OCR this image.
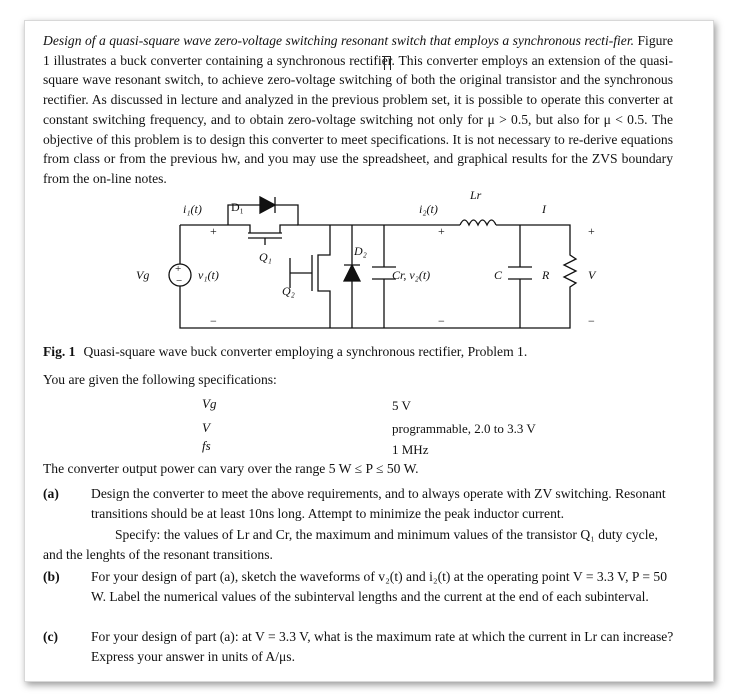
Design of a quasi-square wave zero-voltage switching resonant switch that employs a synchronous recti-fier. Figure 1 illustrates a buck converter containing a synchronous rectifier. This converter employs an extension of the quasi-square wave resonant switch, to achieve zero-voltage switching of both the original transistor and the synchronous rectifier. As discussed in lecture and analyzed in the previous problem set, it is possible to operate this converter at constant switching frequency, and to obtain zero-voltage switching not only for μ > 0.5, but also for μ < 0.5. The objective of this problem is to design this converter to meet specifications. It is not necessary to re-derive equations from class or from the previous hw, and you may use the spreadsheet, and graphical results for the ZVS boundary from the on-line notes.
+
−
i₁(t) D₁
Q₁
Q₂
D₂
Vg	v₁(t)
i₂(t)
Lr
Cr, v₂(t)	C	R
I
V
+
−
+
−
+
−
Fig. 1 Quasi-square wave buck converter employing a synchronous rectifier, Problem 1.
You are given the following specifications:
Vg	5 V
V	programmable, 2.0 to 3.3 V
fs	1 MHz
The converter output power can vary over the range 5 W ≤ P ≤ 50 W.
(a) Design the converter to meet the above requirements, and to always operate with ZV switching. Resonant transitions should be at least 10ns long. Attempt to minimize the peak inductor current.
Specify: the values of Lr and Cr, the maximum and minimum values of the transistor Q₁ duty cycle, and the lenghts of the resonant transitions.
(b) For your design of part (a), sketch the waveforms of v₂(t) and i₂(t) at the operating point V = 3.3 V, P = 50 W. Label the numerical values of the subinterval lengths and the current at the end of each subinterval.
(c) For your design of part (a): at V = 3.3 V, what is the maximum rate at which the current in Lr can increase? Express your answer in units of A/μs.
